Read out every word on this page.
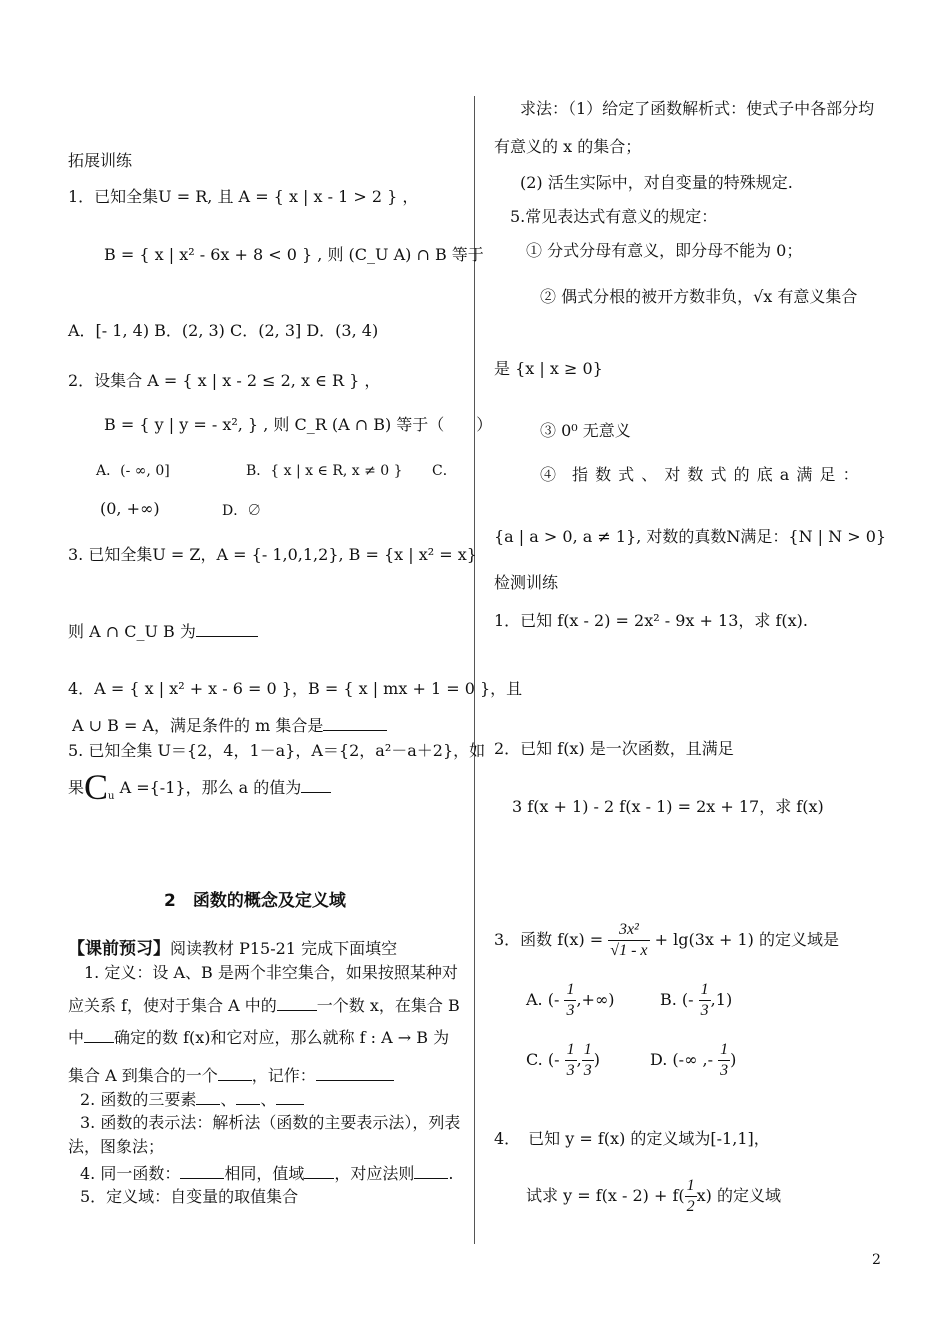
拓展训练
1．已知全集U = R, 且 A = { x | x - 1 > 2 } ，
B = { x | x² - 6x + 8 < 0 } , 则 (C_U A) ∩ B 等于
A．[- 1, 4) B．(2, 3) C．(2, 3] D．(3, 4)
2．设集合 A = { x | x - 2 ≤ 2, x ∈ R } ，
B = { y | y = - x², } , 则 C_R (A ∩ B) 等于（　　）
A．(- ∞, 0]	B．{ x | x ∈ R, x ≠ 0 } C．
(0, +∞)	D．∅
3. 已知全集U = Z，A = {- 1,0,1,2}, B = {x | x² = x}
则 A ∩ C_U B 为
4．A = { x | x² + x - 6 = 0 }，B = { x | mx + 1 = 0 }，且
A ∪ B = A，满足条件的 m 集合是
5. 已知全集 U＝{2，4，1－a}，A＝{2，a²－a＋2}，如
果$C_u$ A ={-1}，那么 a 的值为
2　函数的概念及定义域
【课前预习】阅读教材 P15-21 完成下面填空
1. 定义：设 A、B 是两个非空集合，如果按照某种对
应关系 f，使对于集合 A 中的	一个数 x，在集合 B
中 确定的数 f(x)和它对应，那么就称 f : A → B 为
集合 A 到集合的一个 ，记作：
2. 函数的三要素 、 、
3. 函数的表示法：解析法（函数的主要表示法），列表
法，图象法；
4. 同一函数：	相同，值域 ，对应法则 .
5．定义域：自变量的取值集合
求法：（1）给定了函数解析式：使式子中各部分均
有意义的 x 的集合；
(2) 活生实际中，对自变量的特殊规定.
5.常见表达式有意义的规定：
① 分式分母有意义，即分母不能为 0；
② 偶式分根的被开方数非负，√x 有意义集合
是 {x | x ≥ 0}
③ 0⁰ 无意义
④　指 数 式 、 对 数 式 的 底 a 满 足 ：
{a | a > 0, a ≠ 1}, 对数的真数N满足：{N | N > 0}
检测训练
1．已知 f(x - 2) = 2x² - 9x + 13，求 f(x).
2．已知 f(x) 是一次函数，且满足
3 f(x + 1) - 2 f(x - 1) = 2x + 17，求 f(x)
3．函数 $f(x) = \frac{\text{3x²}}{√1 - x} + \lg(3x + 1)$ 的定义域是
A. (- $\frac{1}{3}$ ,+∞)	B. (- $\frac{1}{3} ,1$)
C. (- $\frac{1}{3}$ , $\frac{1}{3}$ )	D. (-∞ ,- $\frac{1}{3}$ )
4．　已知 y = f(x) 的定义域为[-1,1]，
试求 $y = f(x - 2) + f( \frac{1}{2} x)$ 的定义域
2
